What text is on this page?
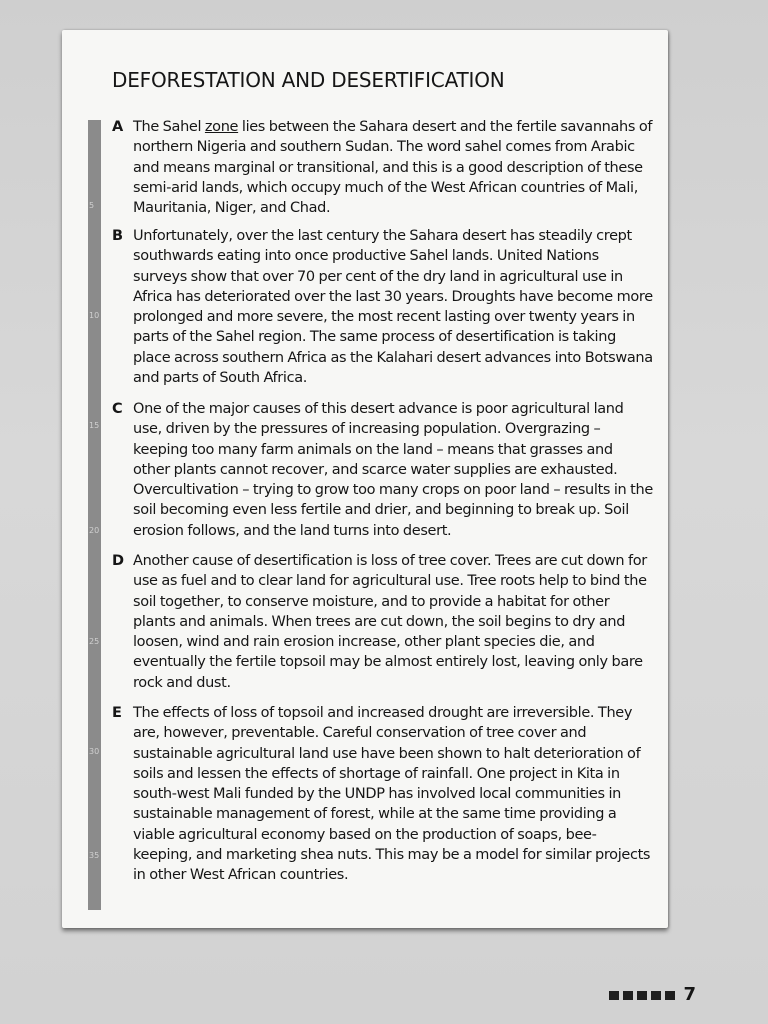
DEFORESTATION AND DESERTIFICATION
5
10
15
20
25
30
35
A The Sahel zone lies between the Sahara desert and the fertile savannahs of northern Nigeria and southern Sudan. The word sahel comes from Arabic and means marginal or transitional, and this is a good description of these semi-arid lands, which occupy much of the West African countries of Mali, Mauritania, Niger, and Chad.

B Unfortunately, over the last century the Sahara desert has steadily crept southwards eating into once productive Sahel lands. United Nations surveys show that over 70 per cent of the dry land in agricultural use in Africa has deteriorated over the last 30 years. Droughts have become more prolonged and more severe, the most recent lasting over twenty years in parts of the Sahel region. The same process of desertification is taking place across southern Africa as the Kalahari desert advances into Botswana and parts of South Africa.

C One of the major causes of this desert advance is poor agricultural land use, driven by the pressures of increasing population. Overgrazing – keeping too many farm animals on the land – means that grasses and other plants cannot recover, and scarce water supplies are exhausted. Overcultivation – trying to grow too many crops on poor land – results in the soil becoming even less fertile and drier, and beginning to break up. Soil erosion follows, and the land turns into desert.

D Another cause of desertification is loss of tree cover. Trees are cut down for use as fuel and to clear land for agricultural use. Tree roots help to bind the soil together, to conserve moisture, and to provide a habitat for other plants and animals. When trees are cut down, the soil begins to dry and loosen, wind and rain erosion increase, other plant species die, and eventually the fertile topsoil may be almost entirely lost, leaving only bare rock and dust.

E The effects of loss of topsoil and increased drought are irreversible. They are, however, preventable. Careful conservation of tree cover and sustainable agricultural land use have been shown to halt deterioration of soils and lessen the effects of shortage of rainfall. One project in Kita in south-west Mali funded by the UNDP has involved local communities in sustainable management of forest, while at the same time providing a viable agricultural economy based on the production of soaps, bee-keeping, and marketing shea nuts. This may be a model for similar projects in other West African countries.

7
